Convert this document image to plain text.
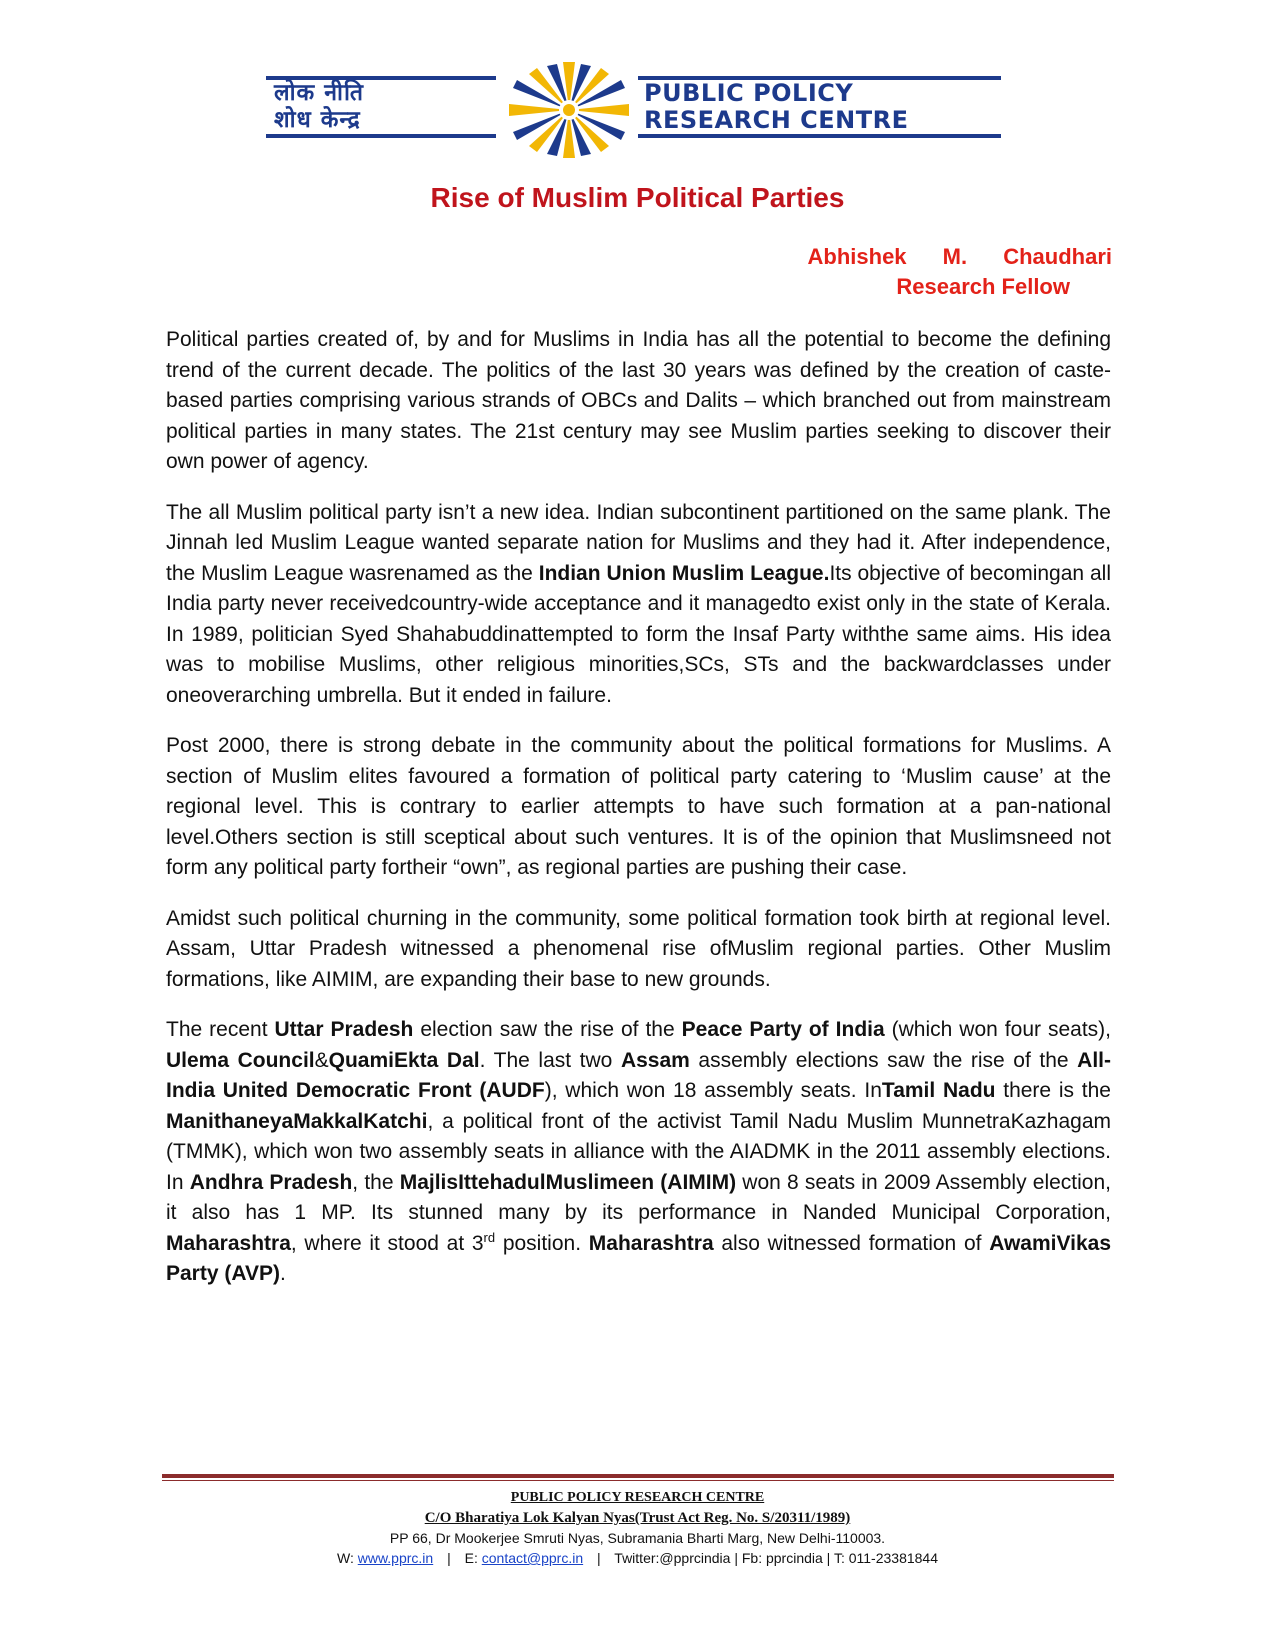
लोक नीति
शोध केन्द्र
PUBLIC POLICY
RESEARCH CENTRE
Rise of Muslim Political Parties
Abhishek M. Chaudhari
Research Fellow

Political parties created of, by and for Muslims in India has all the potential to become the defining trend of the current decade. The politics of the last 30 years was defined by the creation of caste-based parties comprising various strands of OBCs and Dalits – which branched out from mainstream political parties in many states. The 21st century may see Muslim parties seeking to discover their own power of agency.

The all Muslim political party isn’t a new idea. Indian subcontinent partitioned on the same plank. The Jinnah led Muslim League wanted separate nation for Muslims and they had it. After independence, the Muslim League wasrenamed as the Indian Union Muslim League.Its objective of becomingan all India party never receivedcountry-wide acceptance and it managedto exist only in the state of Kerala. In 1989, politician Syed Shahabuddinattempted to form the Insaf Party withthe same aims. His idea was to mobilise Muslims, other religious minorities,SCs, STs and the backwardclasses under oneoverarching umbrella. But it ended in failure.

Post 2000, there is strong debate in the community about the political formations for Muslims. A section of Muslim elites favoured a formation of political party catering to ‘Muslim cause’ at the regional level. This is contrary to earlier attempts to have such formation at a pan-national level.Others section is still sceptical about such ventures. It is of the opinion that Muslimsneed not form any political party fortheir “own”, as regional parties are pushing their case.

Amidst such political churning in the community, some political formation took birth at regional level. Assam, Uttar Pradesh witnessed a phenomenal rise ofMuslim regional parties. Other Muslim formations, like AIMIM, are expanding their base to new grounds.

The recent Uttar Pradesh election saw the rise of the Peace Party of India (which won four seats), Ulema Council&QuamiEkta Dal. The last two Assam assembly elections saw the rise of the All-India United Democratic Front (AUDF), which won 18 assembly seats. InTamil Nadu there is the ManithaneyaMakkalKatchi, a political front of the activist Tamil Nadu Muslim MunnetraKazhagam (TMMK), which won two assembly seats in alliance with the AIADMK in the 2011 assembly elections. In Andhra Pradesh, the MajlisIttehadulMuslimeen (AIMIM) won 8 seats in 2009 Assembly election, it also has 1 MP. Its stunned many by its performance in Nanded Municipal Corporation, Maharashtra, where it stood at 3rd position. Maharashtra also witnessed formation of AwamiVikas Party (AVP).

PUBLIC POLICY RESEARCH CENTRE
C/O Bharatiya Lok Kalyan Nyas(Trust Act Reg. No. S/20311/1989)
PP 66, Dr Mookerjee Smruti Nyas, Subramania Bharti Marg, New Delhi-110003.
W: www.pprc.in | E: contact@pprc.in | Twitter:@pprcindia | Fb: pprcindia | T: 011-23381844
